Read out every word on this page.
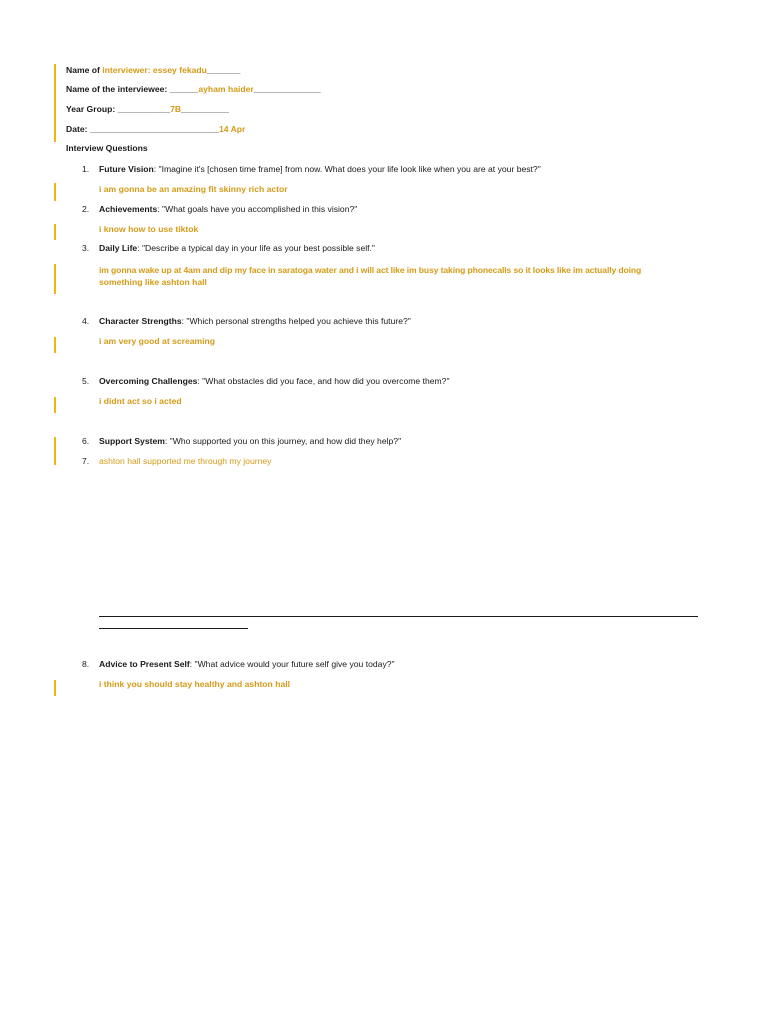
Name of interviewer: essey fekadu_______
Name of the interviewee: ______ayham haider______________
Year Group: ___________7B__________
Date: ___________________________14 Apr
Interview Questions
1. Future Vision: "Imagine it's [chosen time frame] from now. What does your life look like when you are at your best?"
i am gonna be an amazing fit skinny rich actor
2. Achievements: "What goals have you accomplished in this vision?"
i know how to use tiktok
3. Daily Life: "Describe a typical day in your life as your best possible self."
im gonna wake up at 4am and dip my face in saratoga water and i will act like im busy taking phonecalls so it looks like im actually doing
something like ashton hall
4. Character Strengths: "Which personal strengths helped you achieve this future?"
i am very good at screaming
5. Overcoming Challenges: "What obstacles did you face, and how did you overcome them?"
i didnt act so i acted
6. Support System: "Who supported you on this journey, and how did they help?"
7. ashton hall supported me through my journey
8. Advice to Present Self: "What advice would your future self give you today?"
i think you should stay healthy and ashton hall
